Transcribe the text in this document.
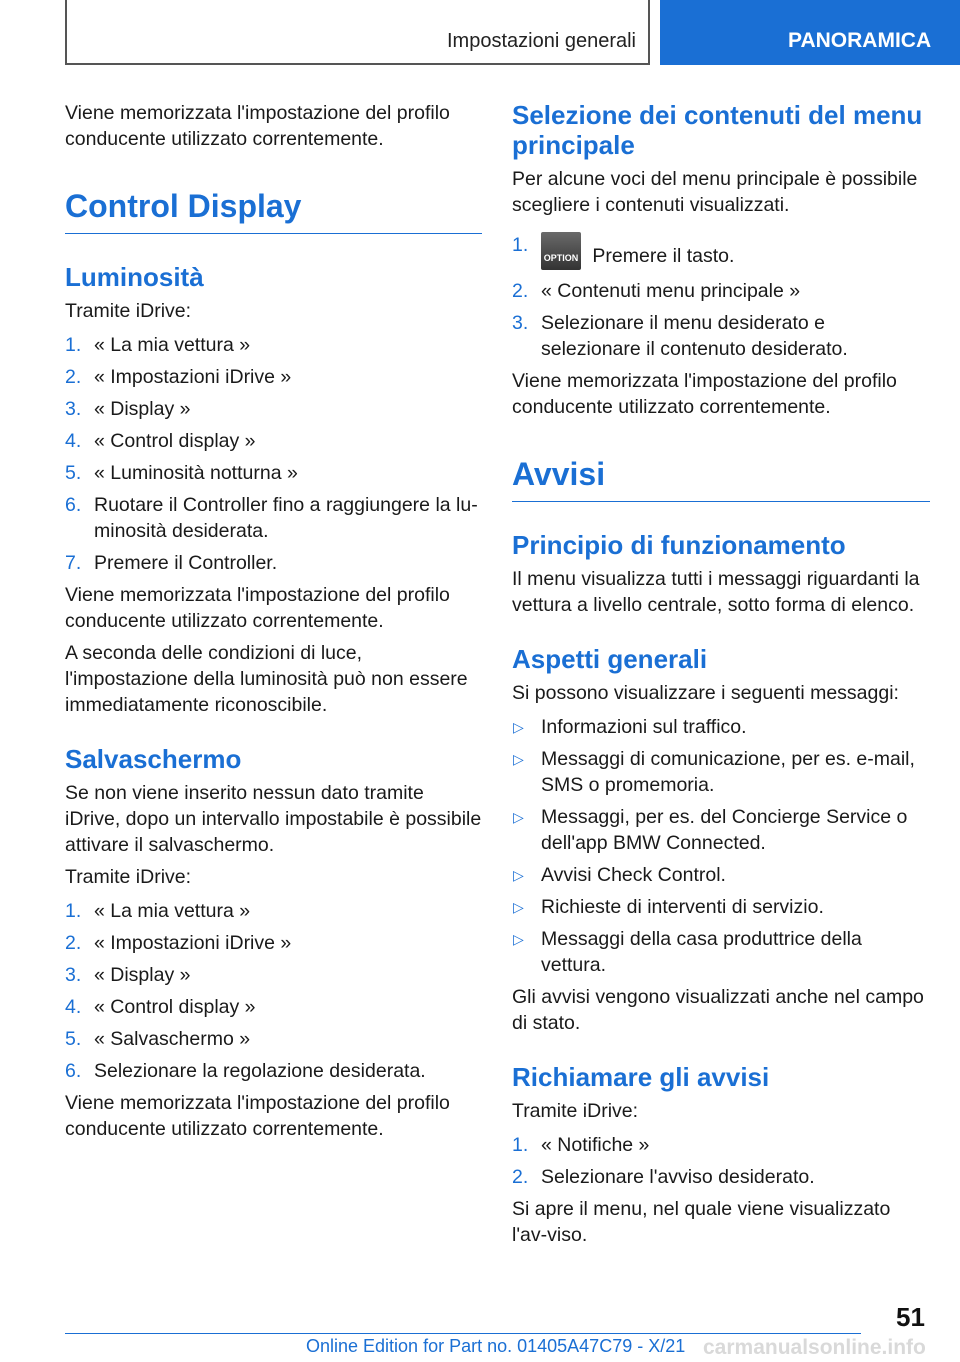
Impostazioni generali	PANORAMICA

Viene memorizzata l'impostazione del profilo conducente utilizzato correntemente.

Control Display
Luminosità

Tramite iDrive:

1. « La mia vettura »
2. « Impostazioni iDrive »
3. « Display »
4. « Control display »
5. « Luminosità notturna »
6. Ruotare il Controller fino a raggiungere la lu-minosità desiderata.
7. Premere il Controller.

Viene memorizzata l'impostazione del profilo conducente utilizzato correntemente.

A seconda delle condizioni di luce, l'impostazione della luminosità può non essere immediatamente riconoscibile.

Salvaschermo

Se non viene inserito nessun dato tramite iDrive, dopo un intervallo impostabile è possibile attivare il salvaschermo.

Tramite iDrive:

1. « La mia vettura »
2. « Impostazioni iDrive »
3. « Display »
4. « Control display »
5. « Salvaschermo »
6. Selezionare la regolazione desiderata.

Viene memorizzata l'impostazione del profilo conducente utilizzato correntemente.

Selezione dei contenuti del menu principale

Per alcune voci del menu principale è possibile scegliere i contenuti visualizzati.

1.
OPTION Premere il tasto.
2. « Contenuti menu principale »
3. Selezionare il menu desiderato e selezionare il contenuto desiderato.

Viene memorizzata l'impostazione del profilo conducente utilizzato correntemente.

Avvisi
Principio di funzionamento

Il menu visualizza tutti i messaggi riguardanti la vettura a livello centrale, sotto forma di elenco.

Aspetti generali

Si possono visualizzare i seguenti messaggi:

▷ Informazioni sul traffico.
▷ Messaggi di comunicazione, per es. e-mail, SMS o promemoria.
▷ Messaggi, per es. del Concierge Service o dell'app BMW Connected.
▷ Avvisi Check Control.
▷ Richieste di interventi di servizio.
▷ Messaggi della casa produttrice della vettura.

Gli avvisi vengono visualizzati anche nel campo di stato.

Richiamare gli avvisi

Tramite iDrive:

1. « Notifiche »
2. Selezionare l'avviso desiderato.

Si apre il menu, nel quale viene visualizzato l'av-viso.

51
Online Edition for Part no. 01405A47C79 - X/21 carmanualsonline.info
